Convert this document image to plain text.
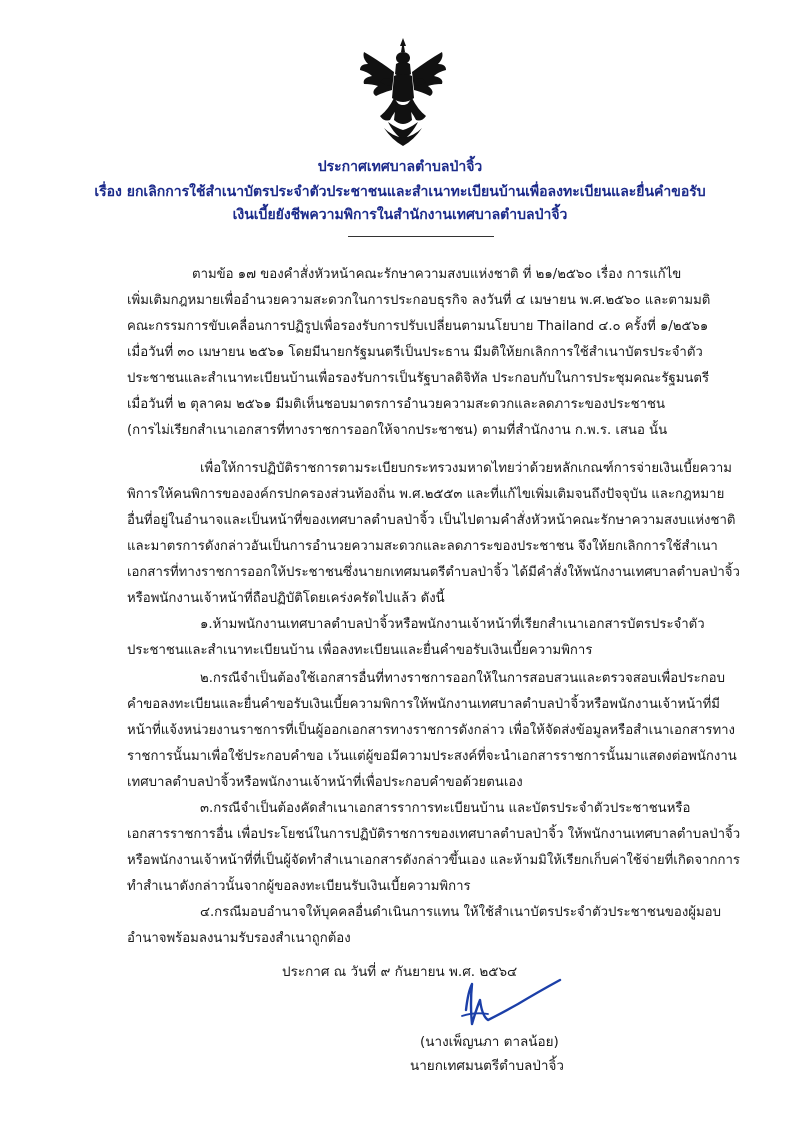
ประกาศเทศบาลตำบลป่าจิ้ว
เรื่อง ยกเลิกการใช้สำเนาบัตรประจำตัวประชาชนและสำเนาทะเบียนบ้านเพื่อลงทะเบียนและยื่นคำขอรับ
เงินเบี้ยยังชีพความพิการในสำนักงานเทศบาลตำบลป่าจิ้ว
ตามข้อ ๑๗ ของคำสั่งหัวหน้าคณะรักษาความสงบแห่งชาติ ที่ ๒๑/๒๕๖๐ เรื่อง การแก้ไข
เพิ่มเติมกฎหมายเพื่ออำนวยความสะดวกในการประกอบธุรกิจ ลงวันที่ ๔ เมษายน พ.ศ.๒๕๖๐ และตามมติ
คณะกรรมการขับเคลื่อนการปฏิรูปเพื่อรองรับการปรับเปลี่ยนตามนโยบาย Thailand ๔.๐ ครั้งที่ ๑/๒๕๖๑
เมื่อวันที่ ๓๐ เมษายน ๒๕๖๑ โดยมีนายกรัฐมนตรีเป็นประธาน มีมติให้ยกเลิกการใช้สำเนาบัตรประจำตัว
ประชาชนและสำเนาทะเบียนบ้านเพื่อรองรับการเป็นรัฐบาลดิจิทัล ประกอบกับในการประชุมคณะรัฐมนตรี
เมื่อวันที่ ๒ ตุลาคม ๒๕๖๑ มีมติเห็นชอบมาตรการอำนวยความสะดวกและลดภาระของประชาชน
(การไม่เรียกสำเนาเอกสารที่ทางราชการออกให้จากประชาชน) ตามที่สำนักงาน ก.พ.ร. เสนอ นั้น
เพื่อให้การปฏิบัติราชการตามระเบียบกระทรวงมหาดไทยว่าด้วยหลักเกณฑ์การจ่ายเงินเบี้ยความ
พิการให้คนพิการขององค์กรปกครองส่วนท้องถิ่น พ.ศ.๒๕๕๓ และที่แก้ไขเพิ่มเติมจนถึงปัจจุบัน และกฎหมาย
อื่นที่อยู่ในอำนาจและเป็นหน้าที่ของเทศบาลตำบลป่าจิ้ว เป็นไปตามคำสั่งหัวหน้าคณะรักษาความสงบแห่งชาติ
และมาตรการดังกล่าวอันเป็นการอำนวยความสะดวกและลดภาระของประชาชน จึงให้ยกเลิกการใช้สำเนา
เอกสารที่ทางราชการออกให้ประชาชนซึ่งนายกเทศมนตรีตำบลป่าจิ้ว ได้มีคำสั่งให้พนักงานเทศบาลตำบลป่าจิ้ว
หรือพนักงานเจ้าหน้าที่ถือปฏิบัติโดยเคร่งครัดไปแล้ว ดังนี้
๑.ห้ามพนักงานเทศบาลตำบลป่าจิ้วหรือพนักงานเจ้าหน้าที่เรียกสำเนาเอกสารบัตรประจำตัว
ประชาชนและสำเนาทะเบียนบ้าน เพื่อลงทะเบียนและยื่นคำขอรับเงินเบี้ยความพิการ
๒.กรณีจำเป็นต้องใช้เอกสารอื่นที่ทางราชการออกให้ในการสอบสวนและตรวจสอบเพื่อประกอบ
คำขอลงทะเบียนและยื่นคำขอรับเงินเบี้ยความพิการให้พนักงานเทศบาลตำบลป่าจิ้วหรือพนักงานเจ้าหน้าที่มี
หน้าที่แจ้งหน่วยงานราชการที่เป็นผู้ออกเอกสารทางราชการดังกล่าว เพื่อให้จัดส่งข้อมูลหรือสำเนาเอกสารทาง
ราชการนั้นมาเพื่อใช้ประกอบคำขอ เว้นแต่ผู้ขอมีความประสงค์ที่จะนำเอกสารราชการนั้นมาแสดงต่อพนักงาน
เทศบาลตำบลป่าจิ้วหรือพนักงานเจ้าหน้าที่เพื่อประกอบคำขอด้วยตนเอง
๓.กรณีจำเป็นต้องคัดสำเนาเอกสารราการทะเบียนบ้าน และบัตรประจำตัวประชาชนหรือ
เอกสารราชการอื่น เพื่อประโยชน์ในการปฏิบัติราชการของเทศบาลตำบลป่าจิ้ว ให้พนักงานเทศบาลตำบลป่าจิ้ว
หรือพนักงานเจ้าหน้าที่ที่เป็นผู้จัดทำสำเนาเอกสารดังกล่าวขึ้นเอง และห้ามมิให้เรียกเก็บค่าใช้จ่ายที่เกิดจากการ
ทำสำเนาดังกล่าวนั้นจากผู้ขอลงทะเบียนรับเงินเบี้ยความพิการ
๔.กรณีมอบอำนาจให้บุคคลอื่นดำเนินการแทน ให้ใช้สำเนาบัตรประจำตัวประชาชนของผู้มอบ
อำนาจพร้อมลงนามรับรองสำเนาถูกต้อง
ประกาศ ณ วันที่ ๙ กันยายน พ.ศ. ๒๕๖๔
(นางเพ็ญนภา ตาลน้อย)
นายกเทศมนตรีตำบลป่าจิ้ว
